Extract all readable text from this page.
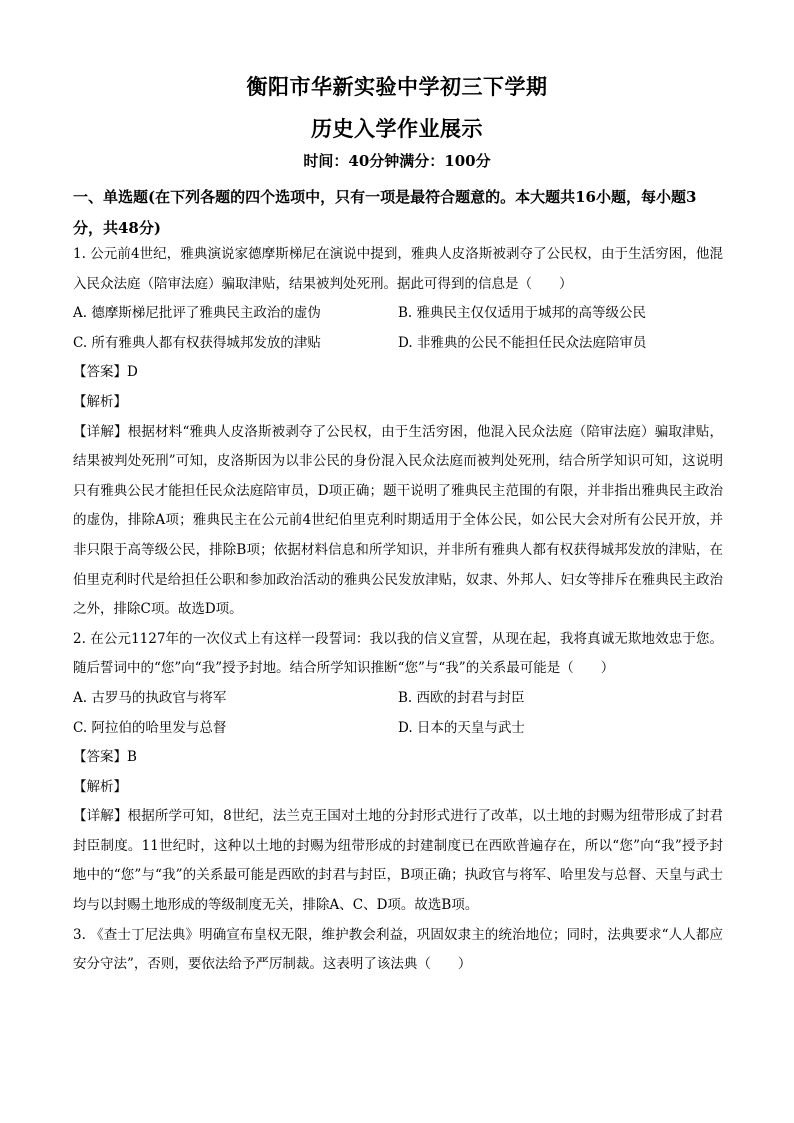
衡阳市华新实验中学初三下学期
历史入学作业展示
时间：40分钟满分：100分
一、单选题(在下列各题的四个选项中，只有一项是最符合题意的。本大题共16小题，每小题3分，共48分)

1. 公元前4世纪，雅典演说家德摩斯梯尼在演说中提到，雅典人皮洛斯被剥夺了公民权，由于生活穷困，他混入民众法庭（陪审法庭）骗取津贴，结果被判处死刑。据此可得到的信息是（　　）

A. 德摩斯梯尼批评了雅典民主政治的虚伪	B. 雅典民主仅仅适用于城邦的高等级公民
C. 所有雅典人都有权获得城邦发放的津贴	D. 非雅典的公民不能担任民众法庭陪审员

【答案】D

【解析】

【详解】根据材料“雅典人皮洛斯被剥夺了公民权，由于生活穷困，他混入民众法庭（陪审法庭）骗取津贴，结果被判处死刑”可知，皮洛斯因为以非公民的身份混入民众法庭而被判处死刑，结合所学知识可知，这说明只有雅典公民才能担任民众法庭陪审员，D项正确；题干说明了雅典民主范围的有限，并非指出雅典民主政治的虚伪，排除A项；雅典民主在公元前4世纪伯里克利时期适用于全体公民，如公民大会对所有公民开放，并非只限于高等级公民，排除B项；依据材料信息和所学知识，并非所有雅典人都有权获得城邦发放的津贴，在伯里克利时代是给担任公职和参加政治活动的雅典公民发放津贴，奴隶、外邦人、妇女等排斥在雅典民主政治之外，排除C项。故选D项。

2. 在公元1127年的一次仪式上有这样一段誓词：我以我的信义宣誓，从现在起，我将真诚无欺地效忠于您。随后誓词中的“您”向“我”授予封地。结合所学知识推断“您”与“我”的关系最可能是（　　）

A. 古罗马的执政官与将军	B. 西欧的封君与封臣
C. 阿拉伯的哈里发与总督	D. 日本的天皇与武士

【答案】B

【解析】

【详解】根据所学可知，8世纪，法兰克王国对土地的分封形式进行了改革，以土地的封赐为纽带形成了封君封臣制度。11世纪时，这种以土地的封赐为纽带形成的封建制度已在西欧普遍存在，所以“您”向“我”授予封地中的“您”与“我”的关系最可能是西欧的封君与封臣，B项正确；执政官与将军、哈里发与总督、天皇与武士均与以封赐土地形成的等级制度无关，排除A、C、D项。故选B项。

3. 《查士丁尼法典》明确宣布皇权无限，维护教会利益，巩固奴隶主的统治地位；同时，法典要求“人人都应安分守法”，否则，要依法给予严厉制裁。这表明了该法典（　　）
